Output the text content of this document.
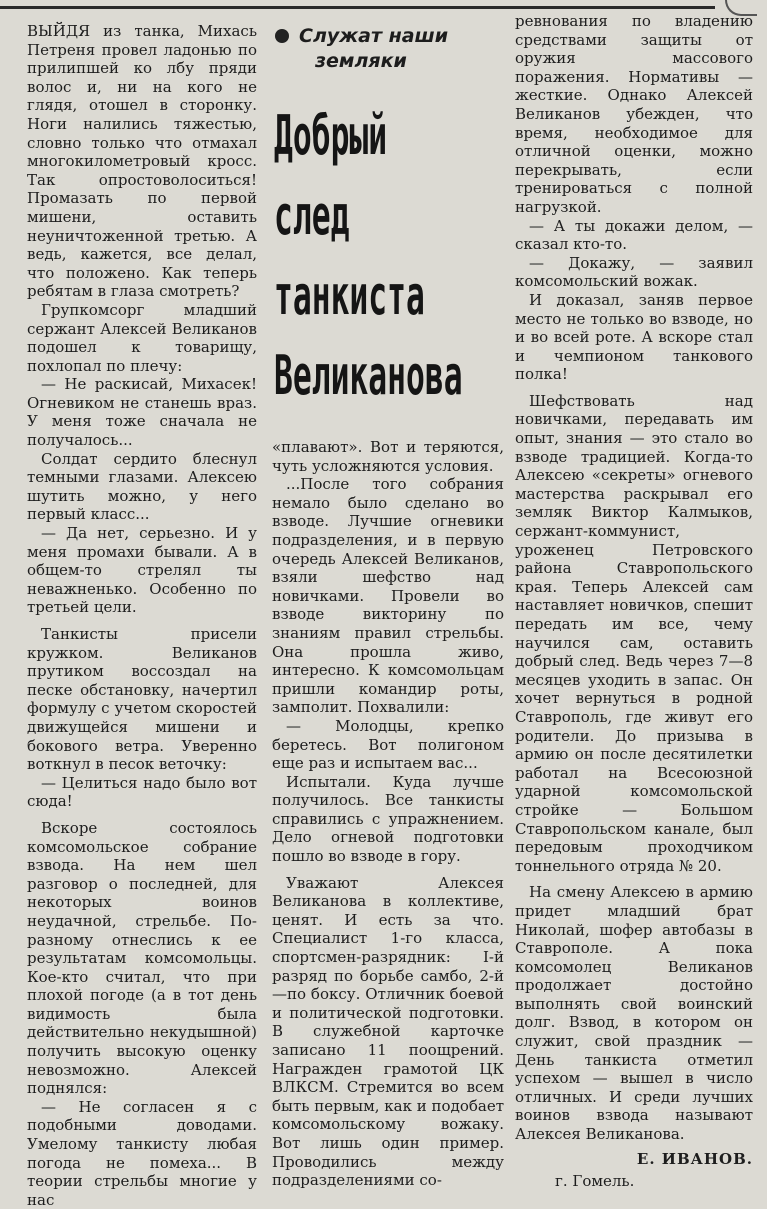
Служат наши
земляки
Добрый
след
танкиста
Великанова

ВЫЙДЯ из танка, Михась Петреня провел ладонью по прилипшей ко лбу пряди волос и, ни на кого не глядя, отошел в сторонку. Ноги налились тяжестью, словно только что отмахал многокилометровый кросс. Так опростоволоситься! Промазать по первой мишени, оставить неуничтоженной третью. А ведь, кажется, все делал, что положено. Как теперь ребятам в глаза смотреть?

Групкомсорг младший сержант Алексей Великанов подошел к товарищу, похлопал по плечу:

— Не раскисай, Михасек! Огневиком не станешь враз. У меня тоже сначала не получалось...

Солдат сердито блеснул темными глазами. Алексею шутить можно, у него первый класс...

— Да нет, серьезно. И у меня промахи бывали. А в общем-то стрелял ты неважненько. Особенно по третьей цели.

Танкисты присели кружком. Великанов прутиком воссоздал на песке обстановку, начертил формулу с учетом скоростей движущейся мишени и бокового ветра. Уверенно воткнул в песок веточку:

— Целиться надо было вот сюда!

Вскоре состоялось комсомольское собрание взвода. На нем шел разговор о последней, для некоторых воинов неудачной, стрельбе. По-разному отнеслись к ее результатам комсомольцы. Кое-кто считал, что при плохой погоде (а в тот день видимость была действительно некудышной) получить высокую оценку невозможно. Алексей поднялся:

— Не согласен я с подобными доводами. Умелому танкисту любая погода не помеха... В теории стрельбы многие у нас

«плавают». Вот и теряются, чуть усложняются условия.

...После того собрания немало было сделано во взводе. Лучшие огневики подразделения, и в первую очередь Алексей Великанов, взяли шефство над новичками. Провели во взводе викторину по знаниям правил стрельбы. Она прошла живо, интересно. К комсомольцам пришли командир роты, замполит. Похвалили:

— Молодцы, крепко беретесь. Вот полигоном еще раз и испытаем вас...

Испытали. Куда лучше получилось. Все танкисты справились с упражнением. Дело огневой подготовки пошло во взводе в гору.

Уважают Алексея Великанова в коллективе, ценят. И есть за что. Специалист 1-го класса, спортсмен-разрядник: I-й разряд по борьбе самбо, 2-й—по боксу. Отличник боевой и политической подготовки. В служебной карточке записано 11 поощрений. Награжден грамотой ЦК ВЛКСМ. Стремится во всем быть первым, как и подобает комсомольскому вожаку. Вот лишь один пример. Проводились между подразделениями со-

ревнования по владению средствами защиты от оружия массового поражения. Нормативы — жесткие. Однако Алексей Великанов убежден, что время, необходимое для отличной оценки, можно перекрывать, если тренироваться с полной нагрузкой.

— А ты докажи делом, — сказал кто-то.

— Докажу, — заявил комсомольский вожак.

И доказал, заняв первое место не только во взводе, но и во всей роте. А вскоре стал и чемпионом танкового полка!

Шефствовать над новичками, передавать им опыт, знания — это стало во взводе традицией. Когда-то Алексею «секреты» огневого мастерства раскрывал его земляк Виктор Калмыков, сержант-коммунист, уроженец Петровского района Ставропольского края. Теперь Алексей сам наставляет новичков, спешит передать им все, чему научился сам, оставить добрый след. Ведь через 7—8 месяцев уходить в запас. Он хочет вернуться в родной Ставрополь, где живут его родители. До призыва в армию он после десятилетки работал на Всесоюзной ударной комсомольской стройке — Большом Ставропольском канале, был передовым проходчиком тоннельного отряда № 20.

На смену Алексею в армию придет младший брат Николай, шофер автобазы в Ставрополе. А пока комсомолец Великанов продолжает достойно выполнять свой воинский долг. Взвод, в котором он служит, свой праздник — День танкиста отметил успехом — вышел в число отличных. И среди лучших воинов взвода называют Алексея Великанова.

Е. ИВАНОВ.
г. Гомель.
